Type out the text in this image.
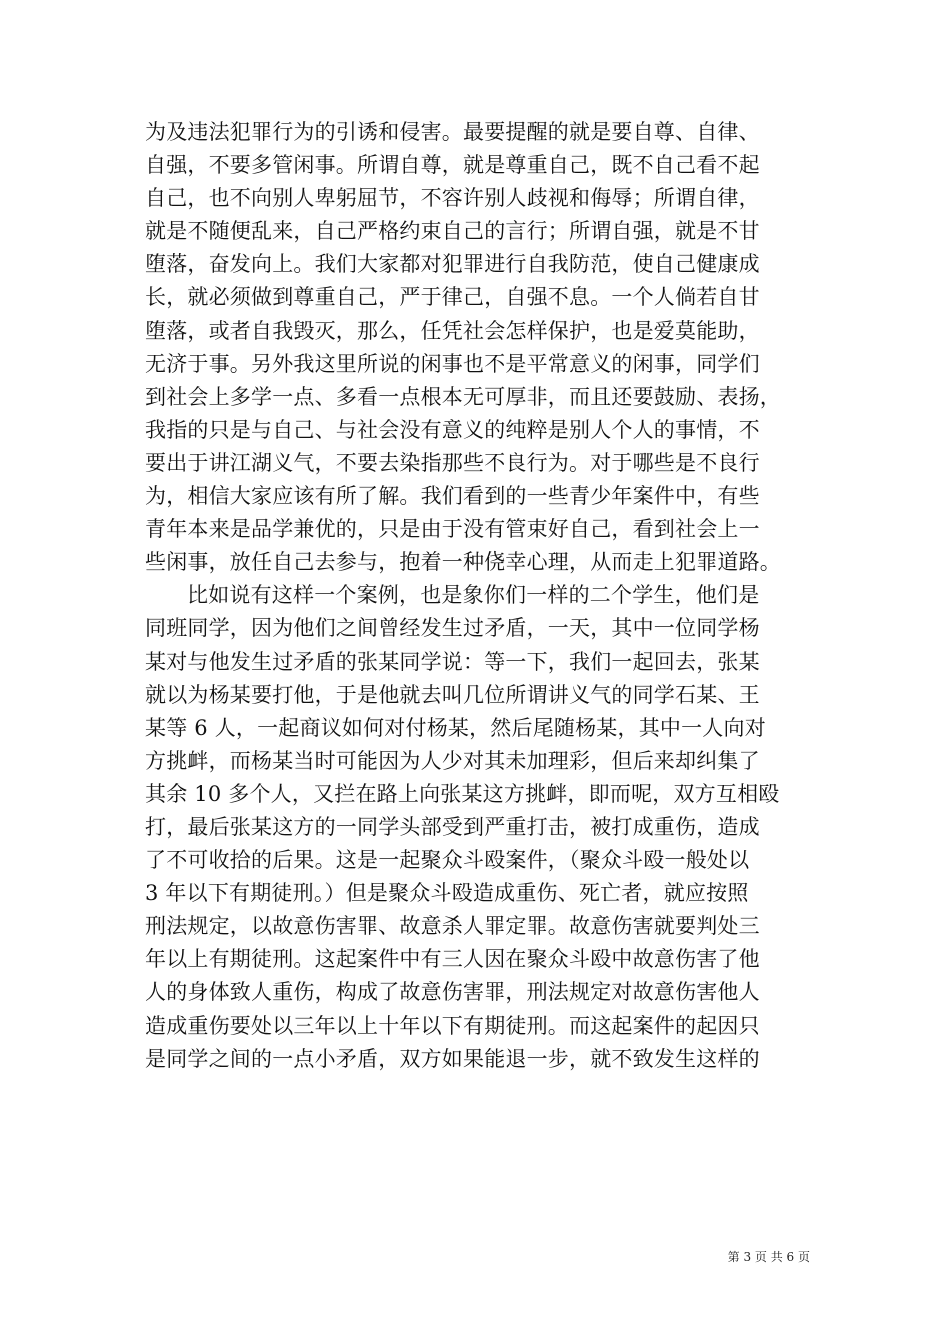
为及违法犯罪行为的引诱和侵害。最要提醒的就是要自尊、自律、
自强，不要多管闲事。所谓自尊，就是尊重自己，既不自己看不起
自己，也不向别人卑躬屈节，不容许别人歧视和侮辱；所谓自律，
就是不随便乱来，自己严格约束自己的言行；所谓自强，就是不甘
堕落，奋发向上。我们大家都对犯罪进行自我防范，使自己健康成
长，就必须做到尊重自己，严于律己，自强不息。一个人倘若自甘
堕落，或者自我毁灭，那么，任凭社会怎样保护，也是爱莫能助，
无济于事。另外我这里所说的闲事也不是平常意义的闲事，同学们
到社会上多学一点、多看一点根本无可厚非，而且还要鼓励、表扬，
我指的只是与自己、与社会没有意义的纯粹是别人个人的事情，不
要出于讲江湖义气，不要去染指那些不良行为。对于哪些是不良行
为，相信大家应该有所了解。我们看到的一些青少年案件中，有些
青年本来是品学兼优的，只是由于没有管束好自己，看到社会上一
些闲事，放任自己去参与，抱着一种侥幸心理，从而走上犯罪道路。
比如说有这样一个案例，也是象你们一样的二个学生，他们是
同班同学，因为他们之间曾经发生过矛盾，一天，其中一位同学杨
某对与他发生过矛盾的张某同学说：等一下，我们一起回去，张某
就以为杨某要打他，于是他就去叫几位所谓讲义气的同学石某、王
某等 6 人，一起商议如何对付杨某，然后尾随杨某，其中一人向对
方挑衅，而杨某当时可能因为人少对其未加理彩，但后来却纠集了
其余 10 多个人，又拦在路上向张某这方挑衅，即而呢，双方互相殴
打，最后张某这方的一同学头部受到严重打击，被打成重伤，造成
了不可收拾的后果。这是一起聚众斗殴案件，（聚众斗殴一般处以
3 年以下有期徒刑。）但是聚众斗殴造成重伤、死亡者，就应按照
刑法规定，以故意伤害罪、故意杀人罪定罪。故意伤害就要判处三
年以上有期徒刑。这起案件中有三人因在聚众斗殴中故意伤害了他
人的身体致人重伤，构成了故意伤害罪，刑法规定对故意伤害他人
造成重伤要处以三年以上十年以下有期徒刑。而这起案件的起因只
是同学之间的一点小矛盾，双方如果能退一步，就不致发生这样的
第 3 页 共 6 页
